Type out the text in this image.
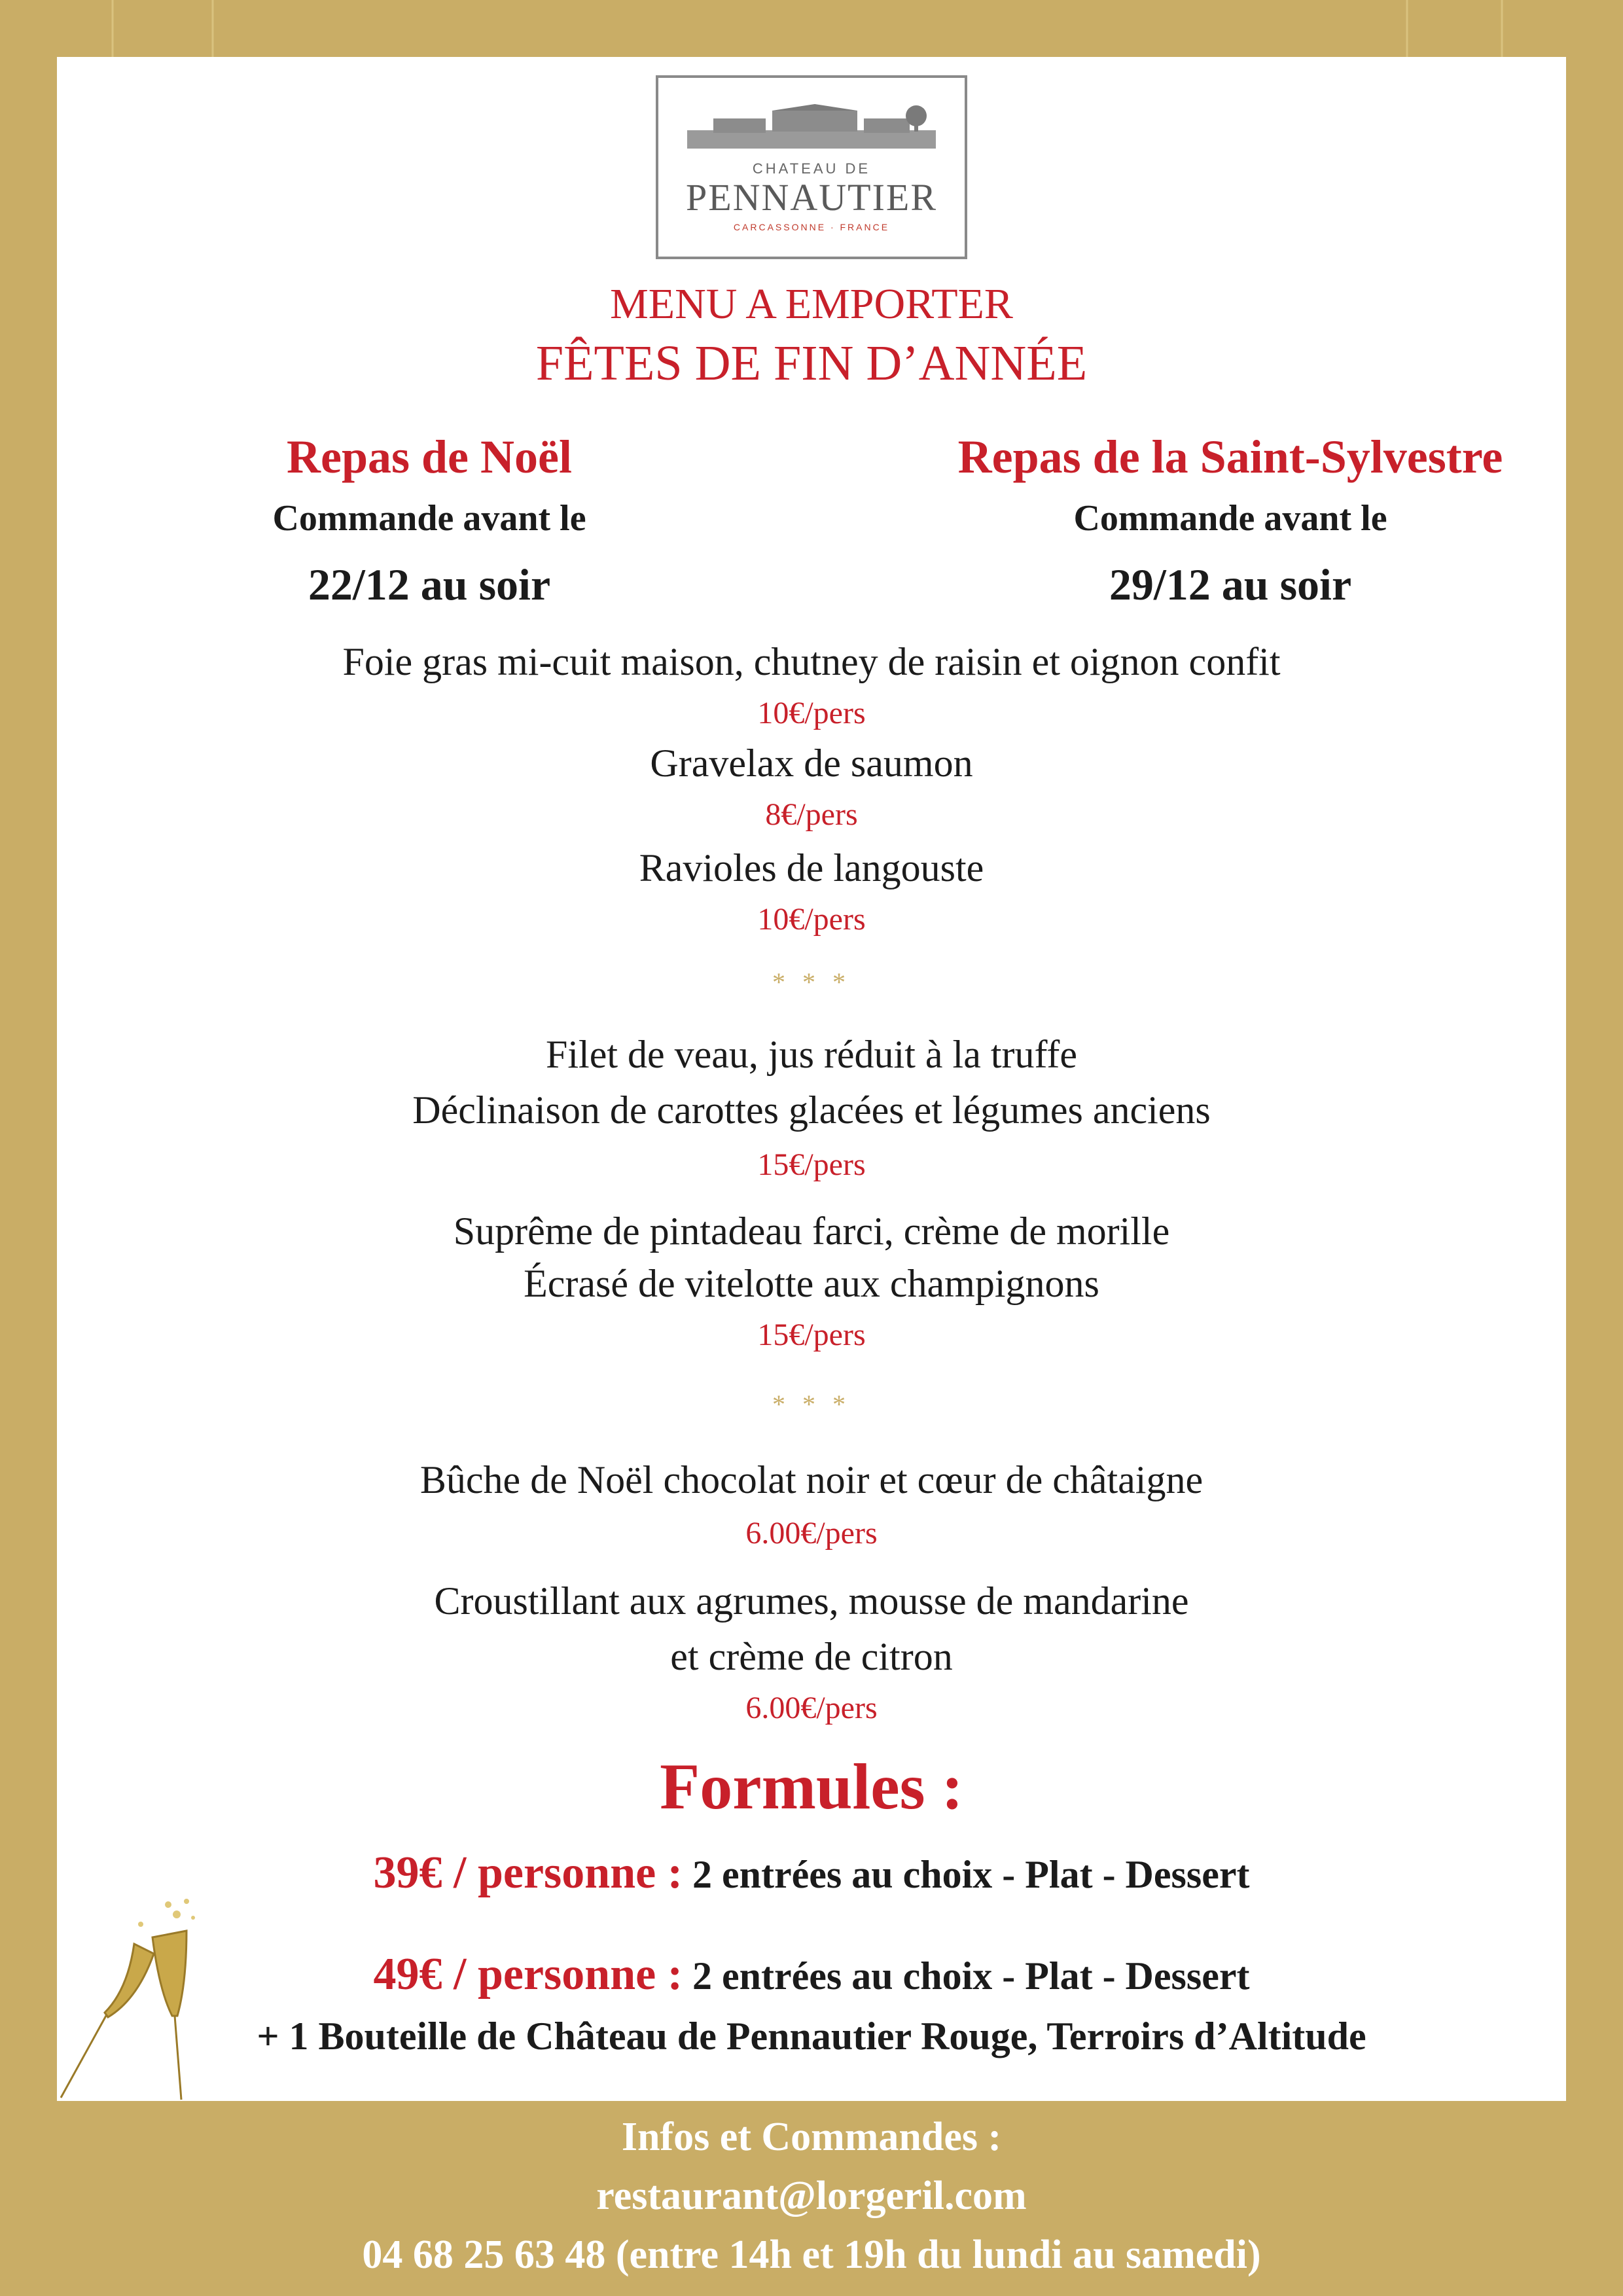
CHATEAU DE
PENNAUTIER
CARCASSONNE · FRANCE
MENU A EMPORTER
FÊTES DE FIN D’ANNÉE
Repas de Noël
Commande avant le
22/12 au soir
Repas de la Saint-Sylvestre
Commande avant le
29/12 au soir
Foie gras mi-cuit maison, chutney de raisin et oignon confit
10€/pers
Gravelax de saumon
8€/pers
Ravioles de langouste
10€/pers
* * *
Filet de veau, jus réduit à la truffe
Déclinaison de carottes glacées et légumes anciens
15€/pers
Suprême de pintadeau farci, crème de morille
Écrasé de vitelotte aux champignons
15€/pers
* * *
Bûche de Noël chocolat noir et cœur de châtaigne
6.00€/pers
Croustillant aux agrumes, mousse de mandarine
et crème de citron
6.00€/pers
Formules :
39€ / personne : 2 entrées au choix - Plat - Dessert
49€ / personne : 2 entrées au choix - Plat - Dessert
+ 1 Bouteille de Château de Pennautier Rouge, Terroirs d’Altitude
Infos et Commandes :
restaurant@lorgeril.com
04 68 25 63 48 (entre 14h et 19h du lundi au samedi)
